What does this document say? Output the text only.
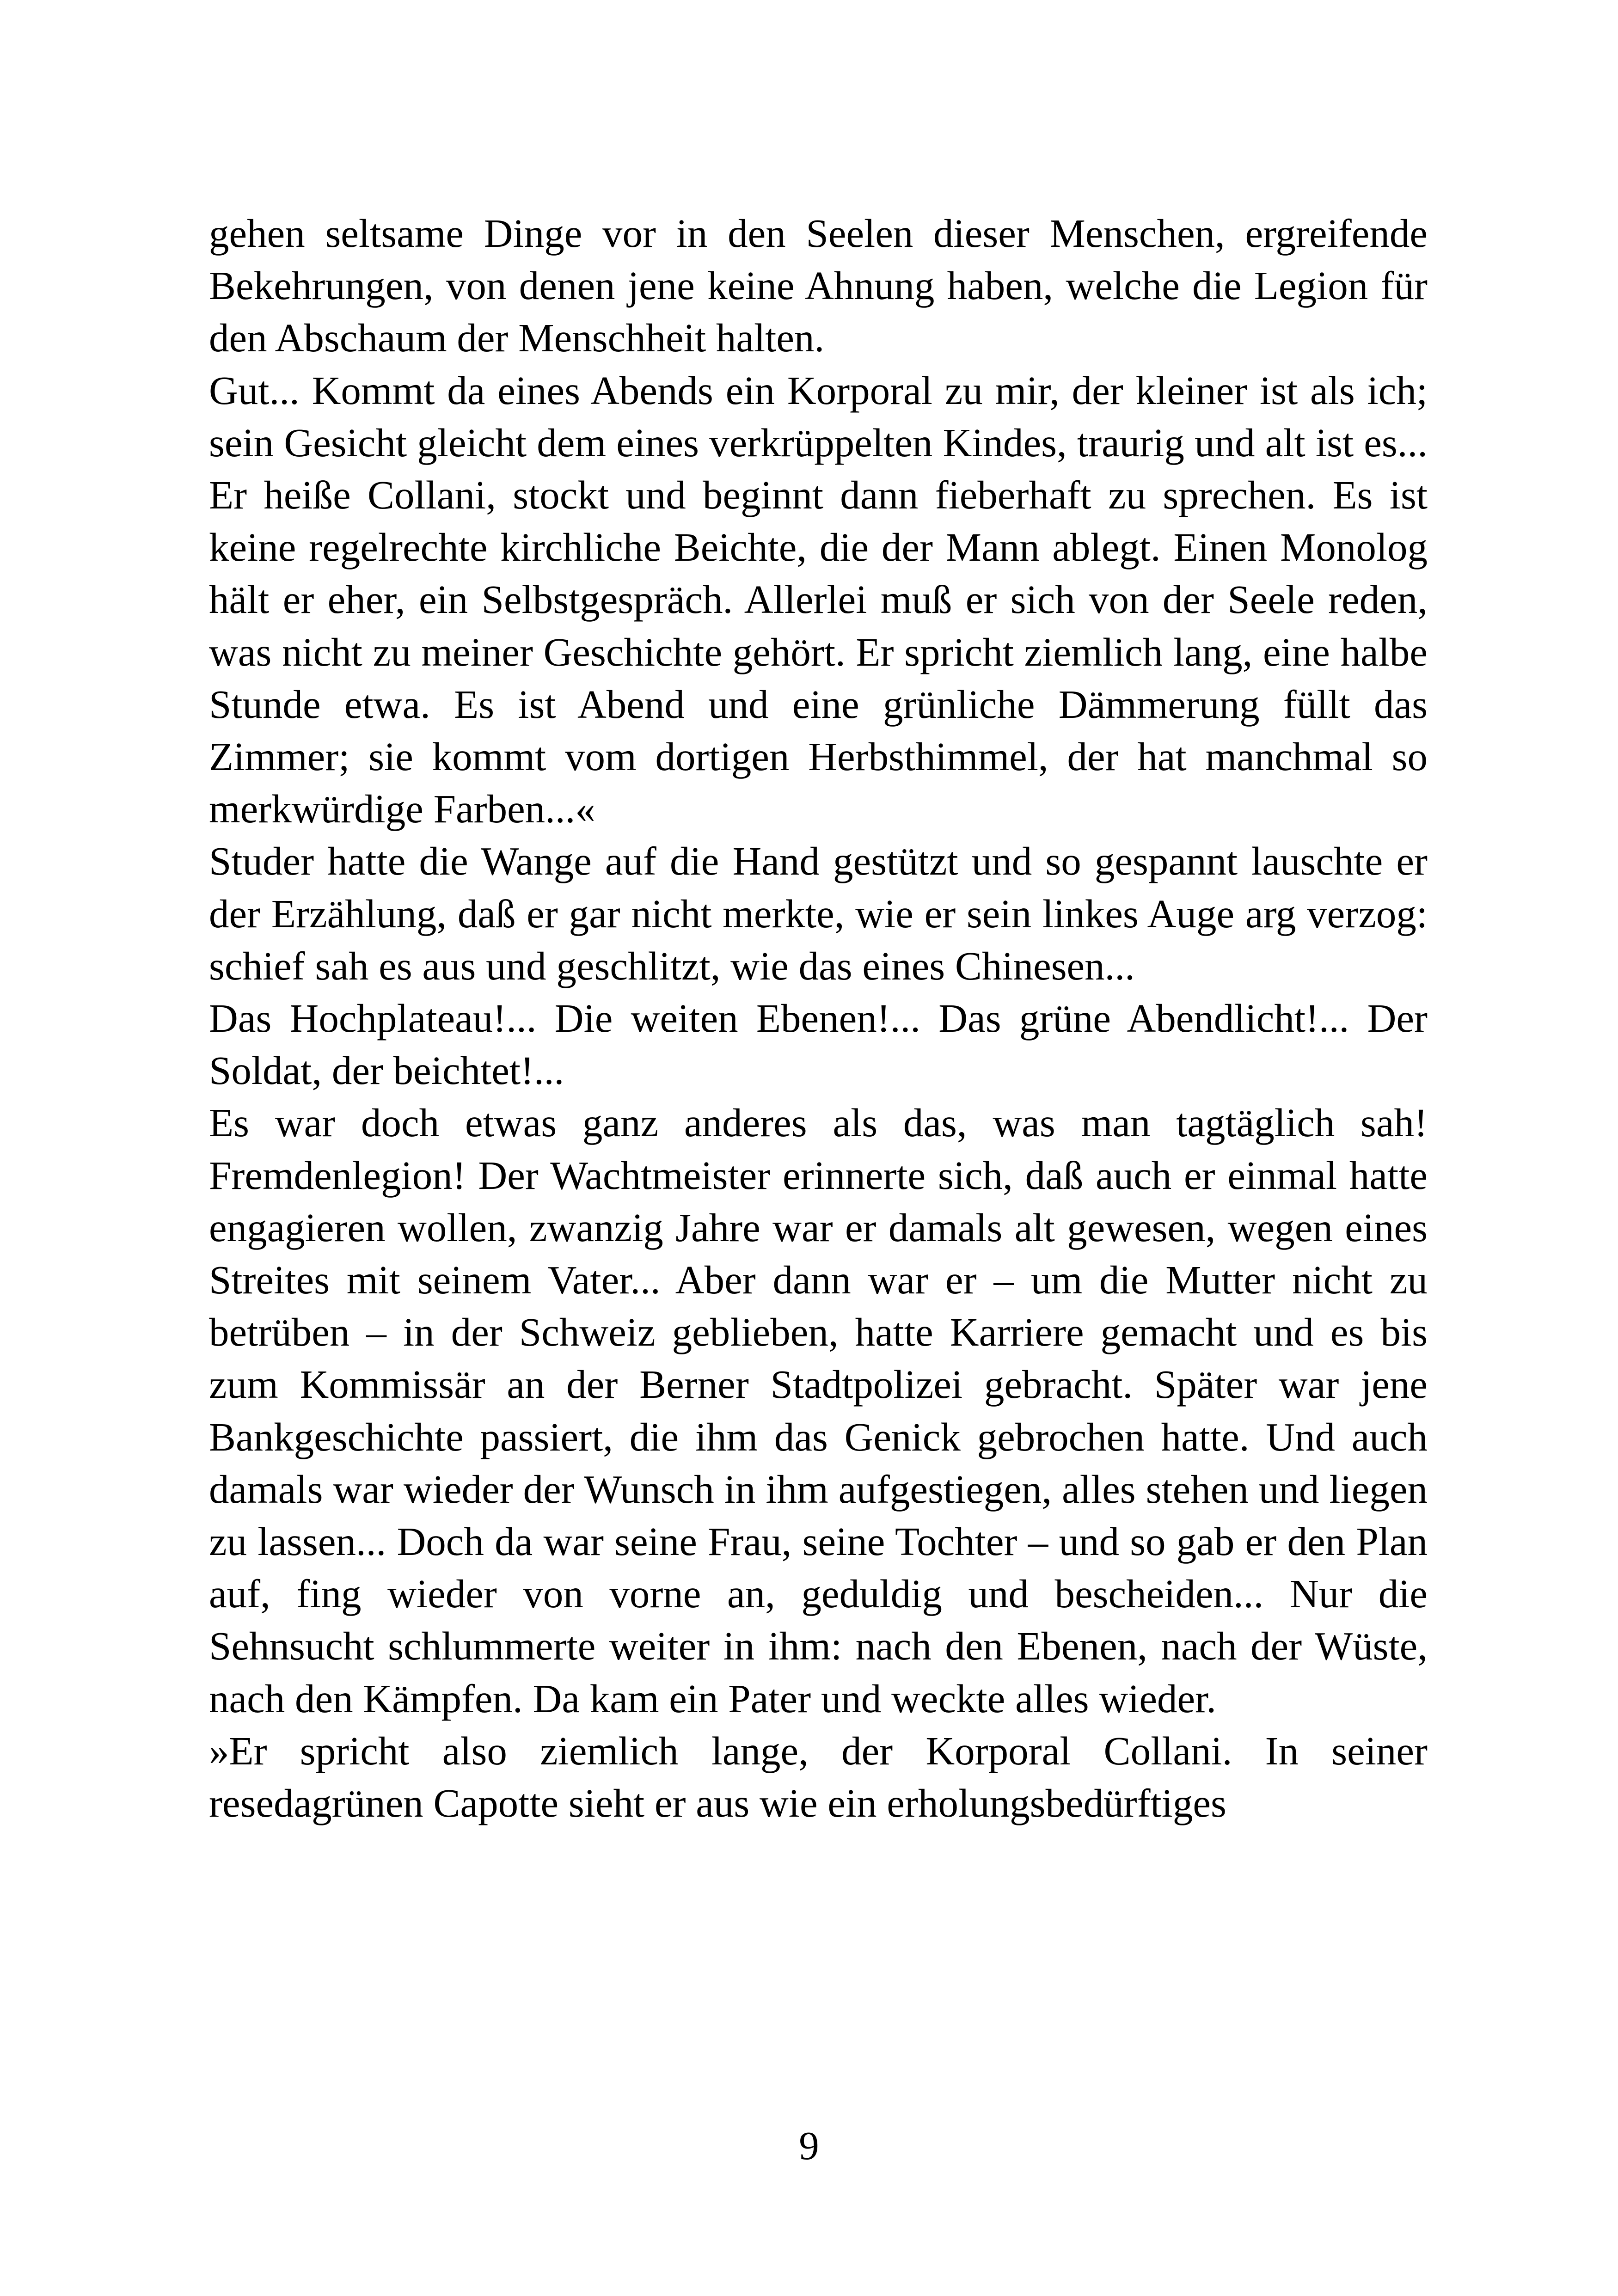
gehen seltsame Dinge vor in den Seelen dieser Menschen, ergreifende Bekehrungen, von denen jene keine Ahnung haben, welche die Legion für den Abschaum der Menschheit halten.

Gut... Kommt da eines Abends ein Korporal zu mir, der kleiner ist als ich; sein Gesicht gleicht dem eines verkrüppelten Kindes, traurig und alt ist es... Er heiße Collani, stockt und beginnt dann fieberhaft zu sprechen. Es ist keine regelrechte kirchliche Beichte, die der Mann ablegt. Einen Monolog hält er eher, ein Selbstgespräch. Allerlei muß er sich von der Seele reden, was nicht zu meiner Geschichte gehört. Er spricht ziemlich lang, eine halbe Stunde etwa. Es ist Abend und eine grünliche Dämmerung füllt das Zimmer; sie kommt vom dortigen Herbsthimmel, der hat manchmal so merkwürdige Farben...«

Studer hatte die Wange auf die Hand gestützt und so gespannt lauschte er der Erzählung, daß er gar nicht merkte, wie er sein linkes Auge arg verzog: schief sah es aus und geschlitzt, wie das eines Chinesen...

Das Hochplateau!... Die weiten Ebenen!... Das grüne Abendlicht!... Der Soldat, der beichtet!...

Es war doch etwas ganz anderes als das, was man tagtäglich sah! Fremdenlegion! Der Wachtmeister erinnerte sich, daß auch er einmal hatte engagieren wollen, zwanzig Jahre war er damals alt gewesen, wegen eines Streites mit seinem Vater... Aber dann war er – um die Mutter nicht zu betrüben – in der Schweiz geblieben, hatte Karriere gemacht und es bis zum Kommissär an der Berner Stadtpolizei gebracht. Später war jene Bankgeschichte passiert, die ihm das Genick gebrochen hatte. Und auch damals war wieder der Wunsch in ihm aufgestiegen, alles stehen und liegen zu lassen... Doch da war seine Frau, seine Tochter – und so gab er den Plan auf, fing wieder von vorne an, geduldig und bescheiden... Nur die Sehnsucht schlummerte weiter in ihm: nach den Ebenen, nach der Wüste, nach den Kämpfen. Da kam ein Pater und weckte alles wieder.

»Er spricht also ziemlich lange, der Korporal Collani. In seiner resedagrünen Capotte sieht er aus wie ein erholungsbedürftiges

9
